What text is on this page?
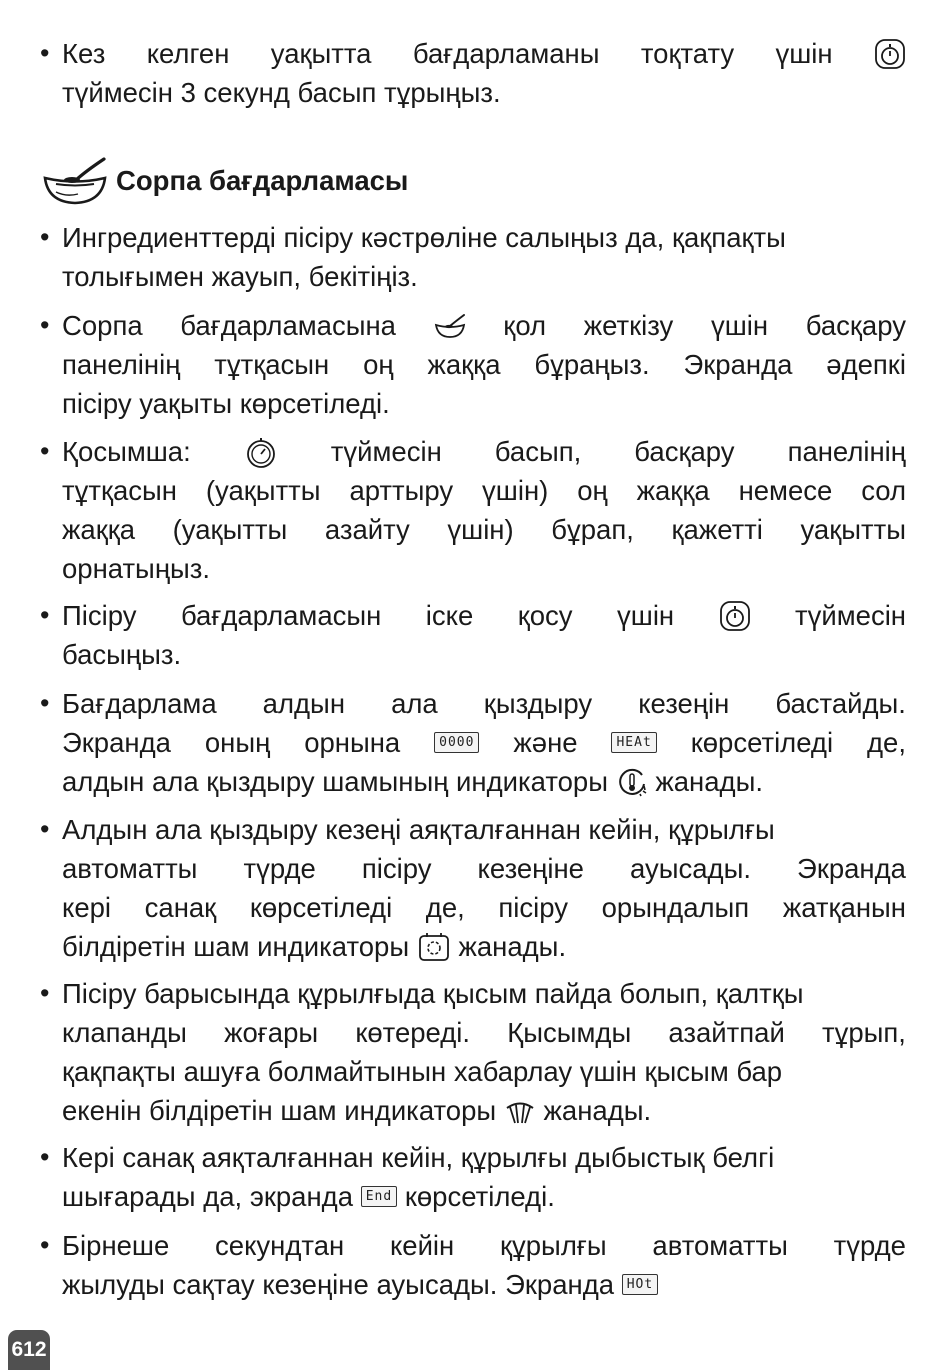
Сорпа бағдарламасы
• Кез келген уақытта бағдарламаны тоқтату үшін
түймесін 3 секунд басып тұрыңыз.
• Ингредиенттерді пісіру кәстрөліне салыңыз да, қақпақты
толығымен жауып, бекітіңіз.
• Сорпа бағдарламасына	қол жеткізу үшін басқару
панелінің тұтқасын оң жаққа бұраңыз. Экранда әдепкі
пісіру уақыты көрсетіледі.
• Қосымша:	түймесін басып, басқару панелінің
тұтқасын (уақытты арттыру үшін) оң жаққа немесе сол
жаққа (уақытты азайту үшін) бұрап, қажетті уақытты
орнатыңыз.
• Пісіру бағдарламасын іске қосу үшін	түймесін
басыңыз.
• Бағдарлама алдын ала қыздыру кезеңін бастайды.
Экранда оның орнына	0000 және	HEAt көрсетіледі де,
алдын ала қыздыру шамының индикаторы жанады.
• Алдын ала қыздыру кезеңі аяқталғаннан кейін, құрылғы
автоматты түрде пісіру кезеңіне ауысады. Экранда
кері санақ көрсетіледі де, пісіру орындалып жатқанын
білдіретін шам индикаторы жанады.
• Пісіру барысында құрылғыда қысым пайда болып, қалтқы
клапанды жоғары көтереді. Қысымды азайтпай тұрып,
қақпақты ашуға болмайтынын хабарлау үшін қысым бар
екенін білдіретін шам индикаторы жанады.
• Кері санақ аяқталғаннан кейін, құрылғы дыбыстық белгі
шығарады да, экранда End көрсетіледі.
• Бірнеше секундтан кейін құрылғы автоматты түрде
жылуды сақтау кезеңіне ауысады. Экранда HOt
612
